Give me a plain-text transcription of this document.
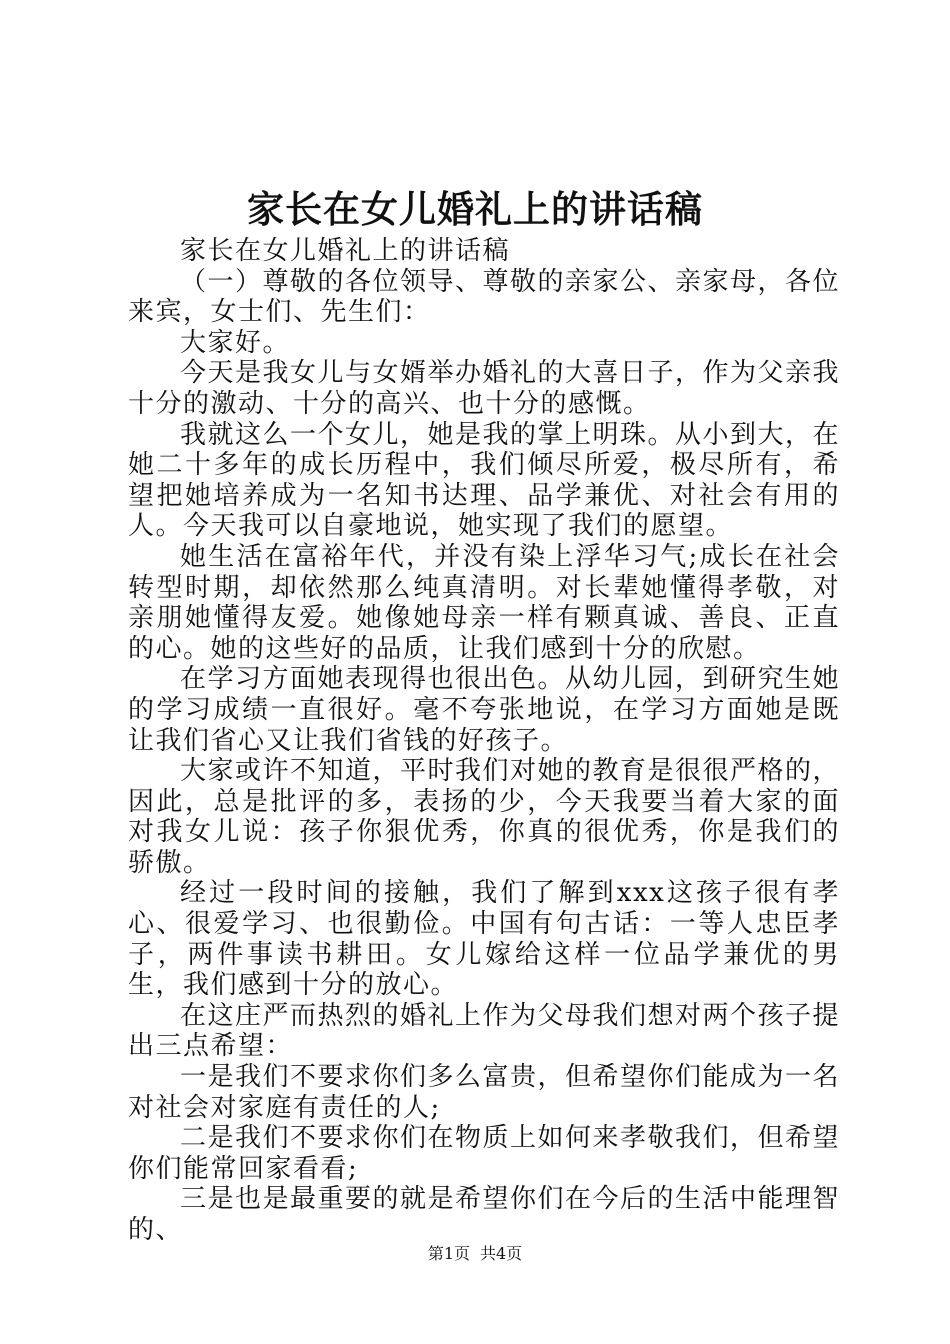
家长在女儿婚礼上的讲话稿

家长在女儿婚礼上的讲话稿

（一）尊敬的各位领导、尊敬的亲家公、亲家母，各位来宾，女士们、先生们：

大家好。

今天是我女儿与女婿举办婚礼的大喜日子，作为父亲我十分的激动、十分的高兴、也十分的感慨。

我就这么一个女儿，她是我的掌上明珠。从小到大，在她二十多年的成长历程中，我们倾尽所爱，极尽所有，希望把她培养成为一名知书达理、品学兼优、对社会有用的人。今天我可以自豪地说，她实现了我们的愿望。

她生活在富裕年代，并没有染上浮华习气;成长在社会转型时期，却依然那么纯真清明。对长辈她懂得孝敬，对亲朋她懂得友爱。她像她母亲一样有颗真诚、善良、正直的心。她的这些好的品质，让我们感到十分的欣慰。

在学习方面她表现得也很出色。从幼儿园，到研究生她的学习成绩一直很好。毫不夸张地说，在学习方面她是既让我们省心又让我们省钱的好孩子。

大家或许不知道，平时我们对她的教育是很很严格的，因此，总是批评的多，表扬的少，今天我要当着大家的面对我女儿说：孩子你狠优秀，你真的很优秀，你是我们的骄傲。

经过一段时间的接触，我们了解到xxx这孩子很有孝心、很爱学习、也很勤俭。中国有句古话：一等人忠臣孝子，两件事读书耕田。女儿嫁给这样一位品学兼优的男生，我们感到十分的放心。

在这庄严而热烈的婚礼上作为父母我们想对两个孩子提出三点希望：

一是我们不要求你们多么富贵，但希望你们能成为一名对社会对家庭有责任的人;

二是我们不要求你们在物质上如何来孝敬我们，但希望你们能常回家看看;

三是也是最重要的就是希望你们在今后的生活中能理智的、

第1页 共4页
